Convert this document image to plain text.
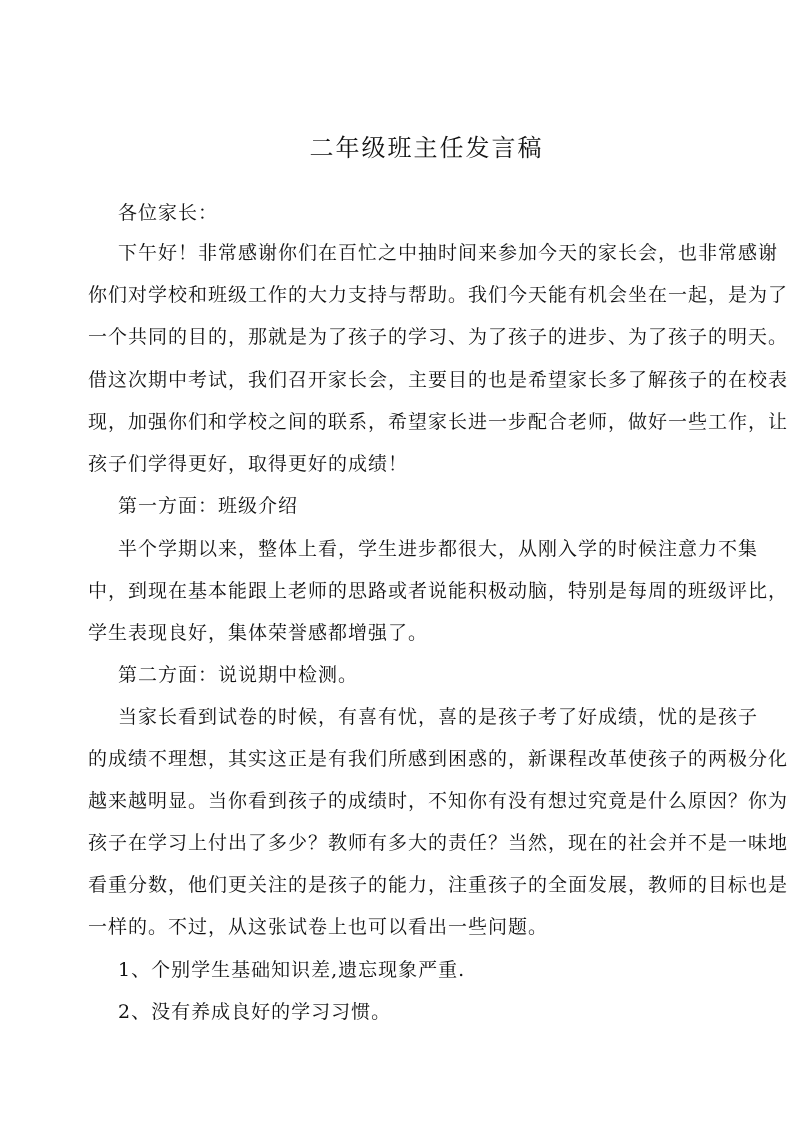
二年级班主任发言稿
各位家长：
下午好！非常感谢你们在百忙之中抽时间来参加今天的家长会，也非常感谢
你们对学校和班级工作的大力支持与帮助。我们今天能有机会坐在一起，是为了
一个共同的目的，那就是为了孩子的学习、为了孩子的进步、为了孩子的明天。
借这次期中考试，我们召开家长会，主要目的也是希望家长多了解孩子的在校表
现，加强你们和学校之间的联系，希望家长进一步配合老师，做好一些工作，让
孩子们学得更好，取得更好的成绩！
第一方面：班级介绍
半个学期以来，整体上看，学生进步都很大，从刚入学的时候注意力不集
中，到现在基本能跟上老师的思路或者说能积极动脑，特别是每周的班级评比，
学生表现良好，集体荣誉感都增强了。
第二方面：说说期中检测。
当家长看到试卷的时候，有喜有忧，喜的是孩子考了好成绩，忧的是孩子
的成绩不理想，其实这正是有我们所感到困惑的，新课程改革使孩子的两极分化
越来越明显。当你看到孩子的成绩时，不知你有没有想过究竟是什么原因？你为
孩子在学习上付出了多少？教师有多大的责任？当然，现在的社会并不是一味地
看重分数，他们更关注的是孩子的能力，注重孩子的全面发展，教师的目标也是
一样的。不过，从这张试卷上也可以看出一些问题。
1、个别学生基础知识差,遗忘现象严重.
2、没有养成良好的学习习惯。
